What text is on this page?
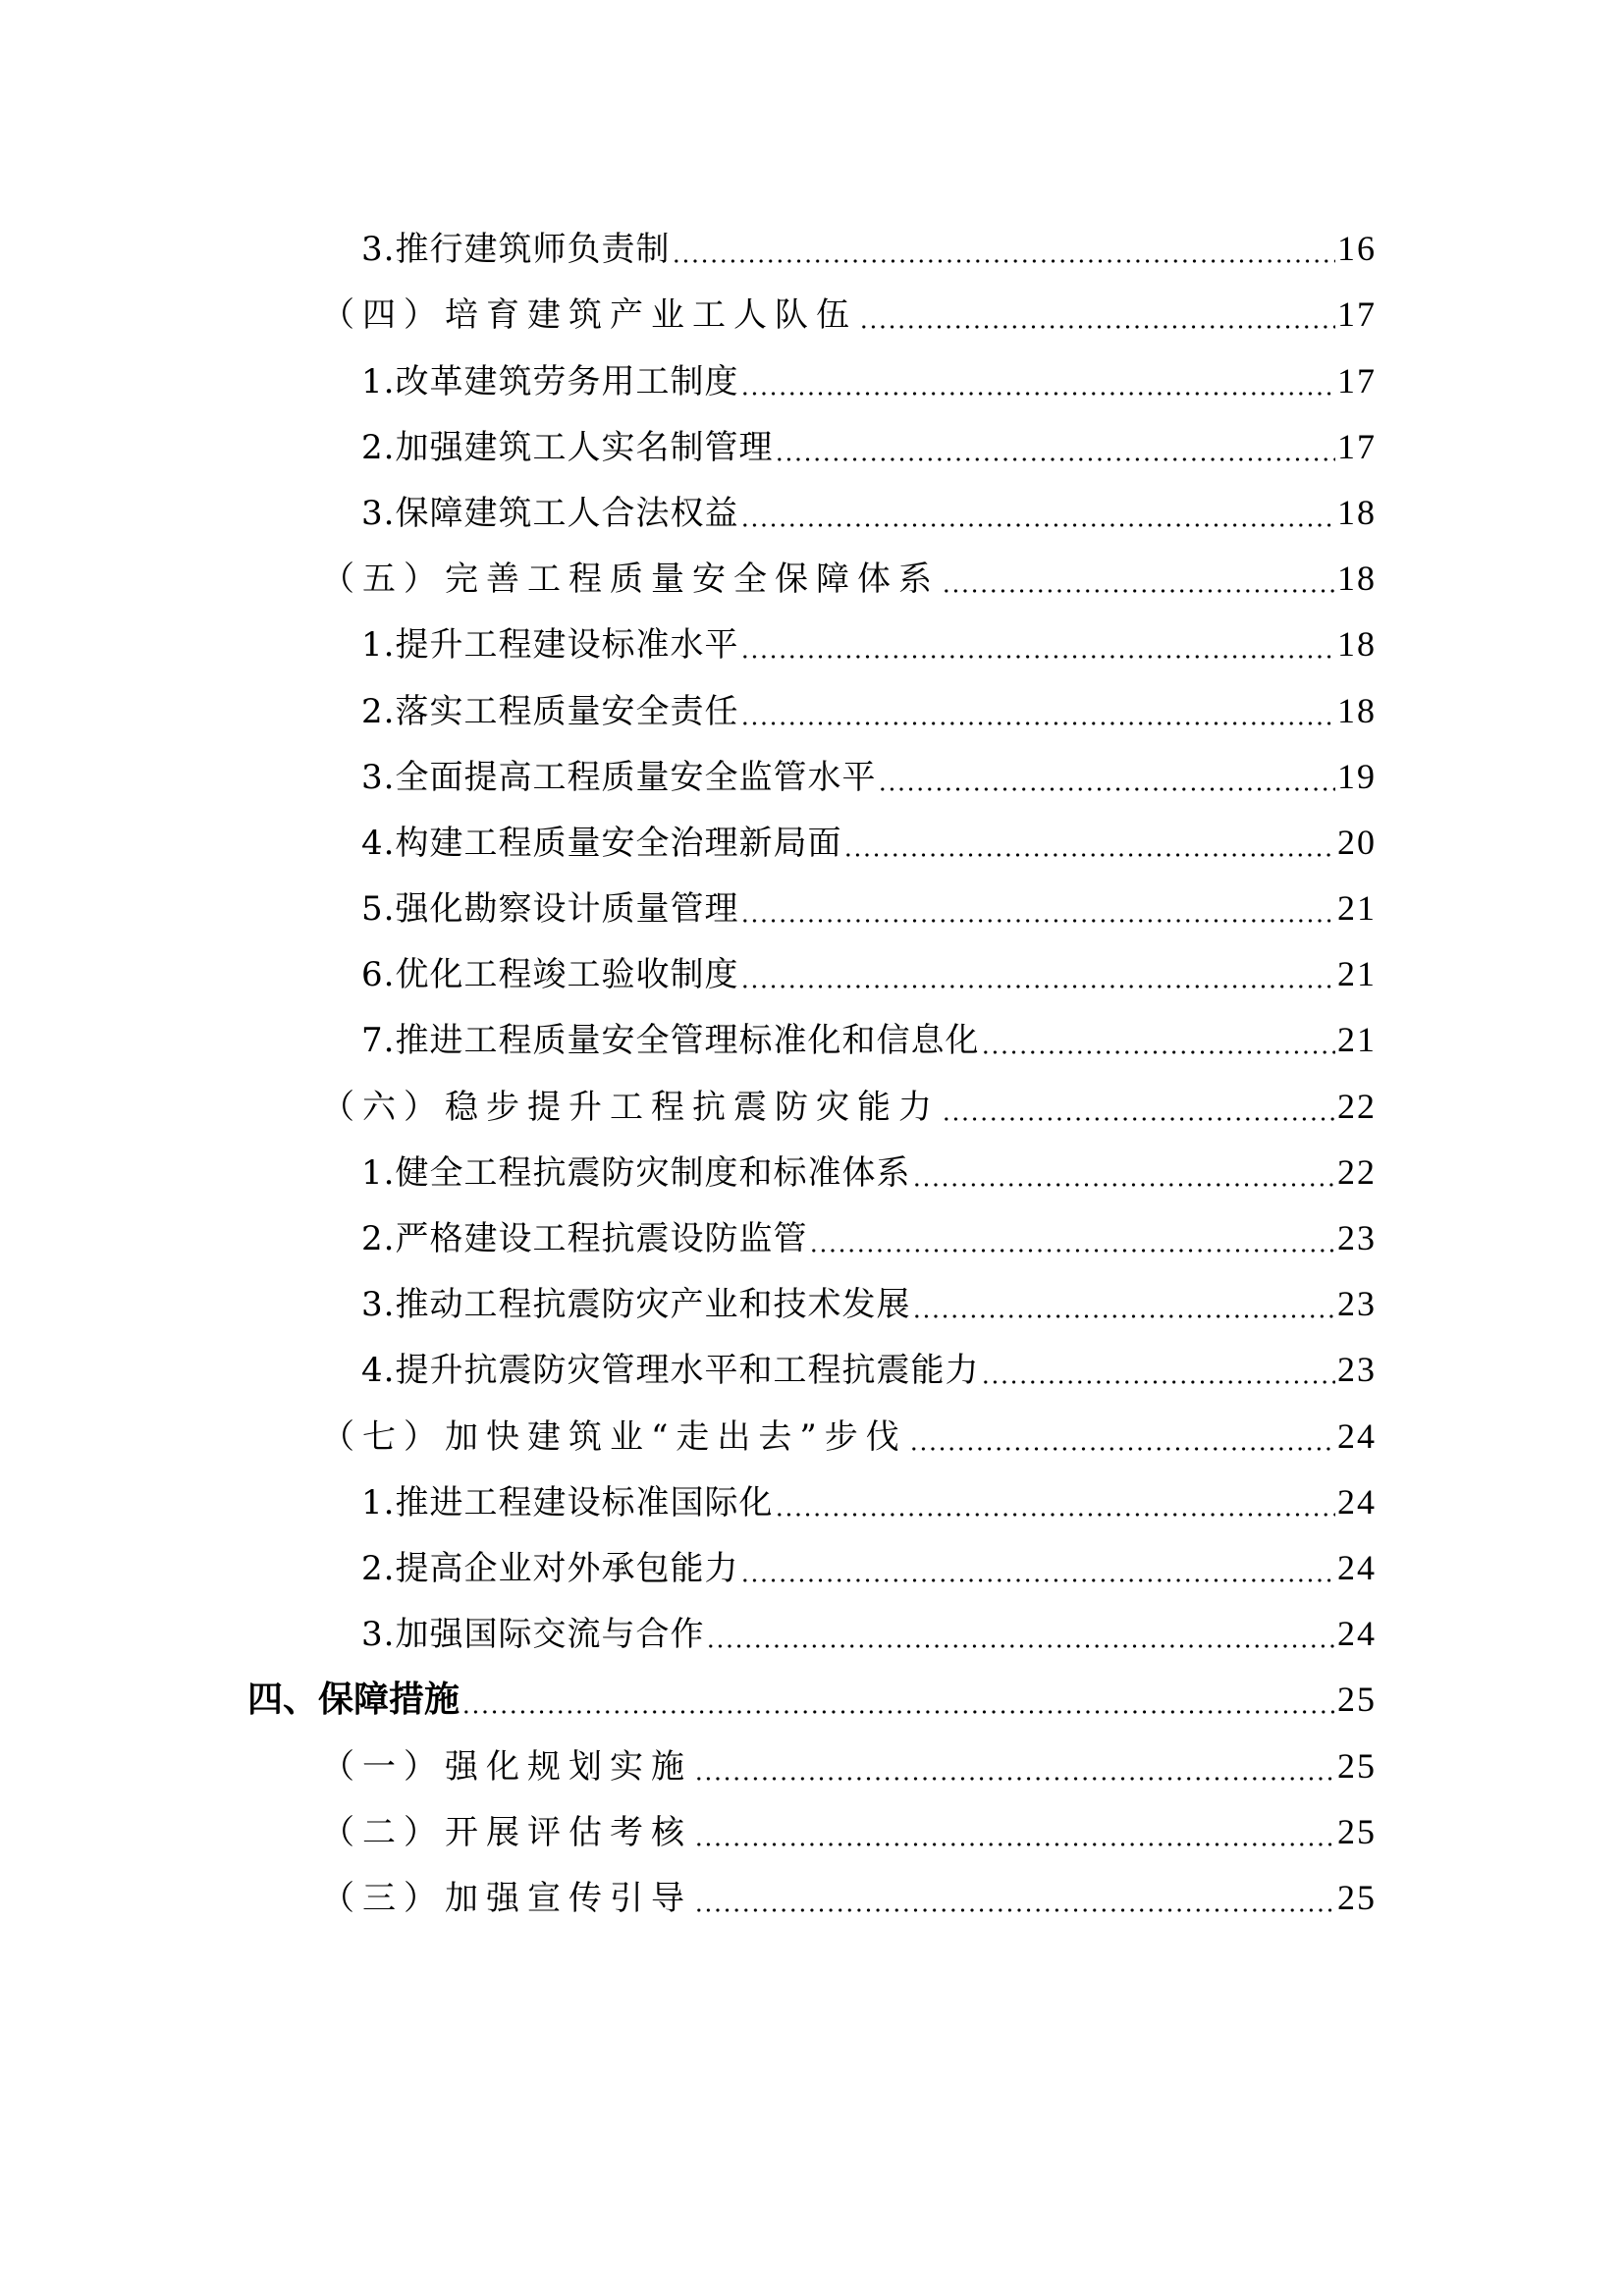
3.推行建筑师负责制	16
（四）培育建筑产业工人队伍	17
1.改革建筑劳务用工制度	17
2.加强建筑工人实名制管理	17
3.保障建筑工人合法权益	18
（五）完善工程质量安全保障体系	18
1.提升工程建设标准水平	18
2.落实工程质量安全责任	18
3.全面提高工程质量安全监管水平	19
4.构建工程质量安全治理新局面	20
5.强化勘察设计质量管理	21
6.优化工程竣工验收制度	21
7.推进工程质量安全管理标准化和信息化	21
（六）稳步提升工程抗震防灾能力	22
1.健全工程抗震防灾制度和标准体系	22
2.严格建设工程抗震设防监管	23
3.推动工程抗震防灾产业和技术发展	23
4.提升抗震防灾管理水平和工程抗震能力	23
（七）加快建筑业“走出去”步伐	24
1.推进工程建设标准国际化	24
2.提高企业对外承包能力	24
3.加强国际交流与合作	24
四、保障措施	25
（一）强化规划实施	25
（二）开展评估考核	25
（三）加强宣传引导	25
